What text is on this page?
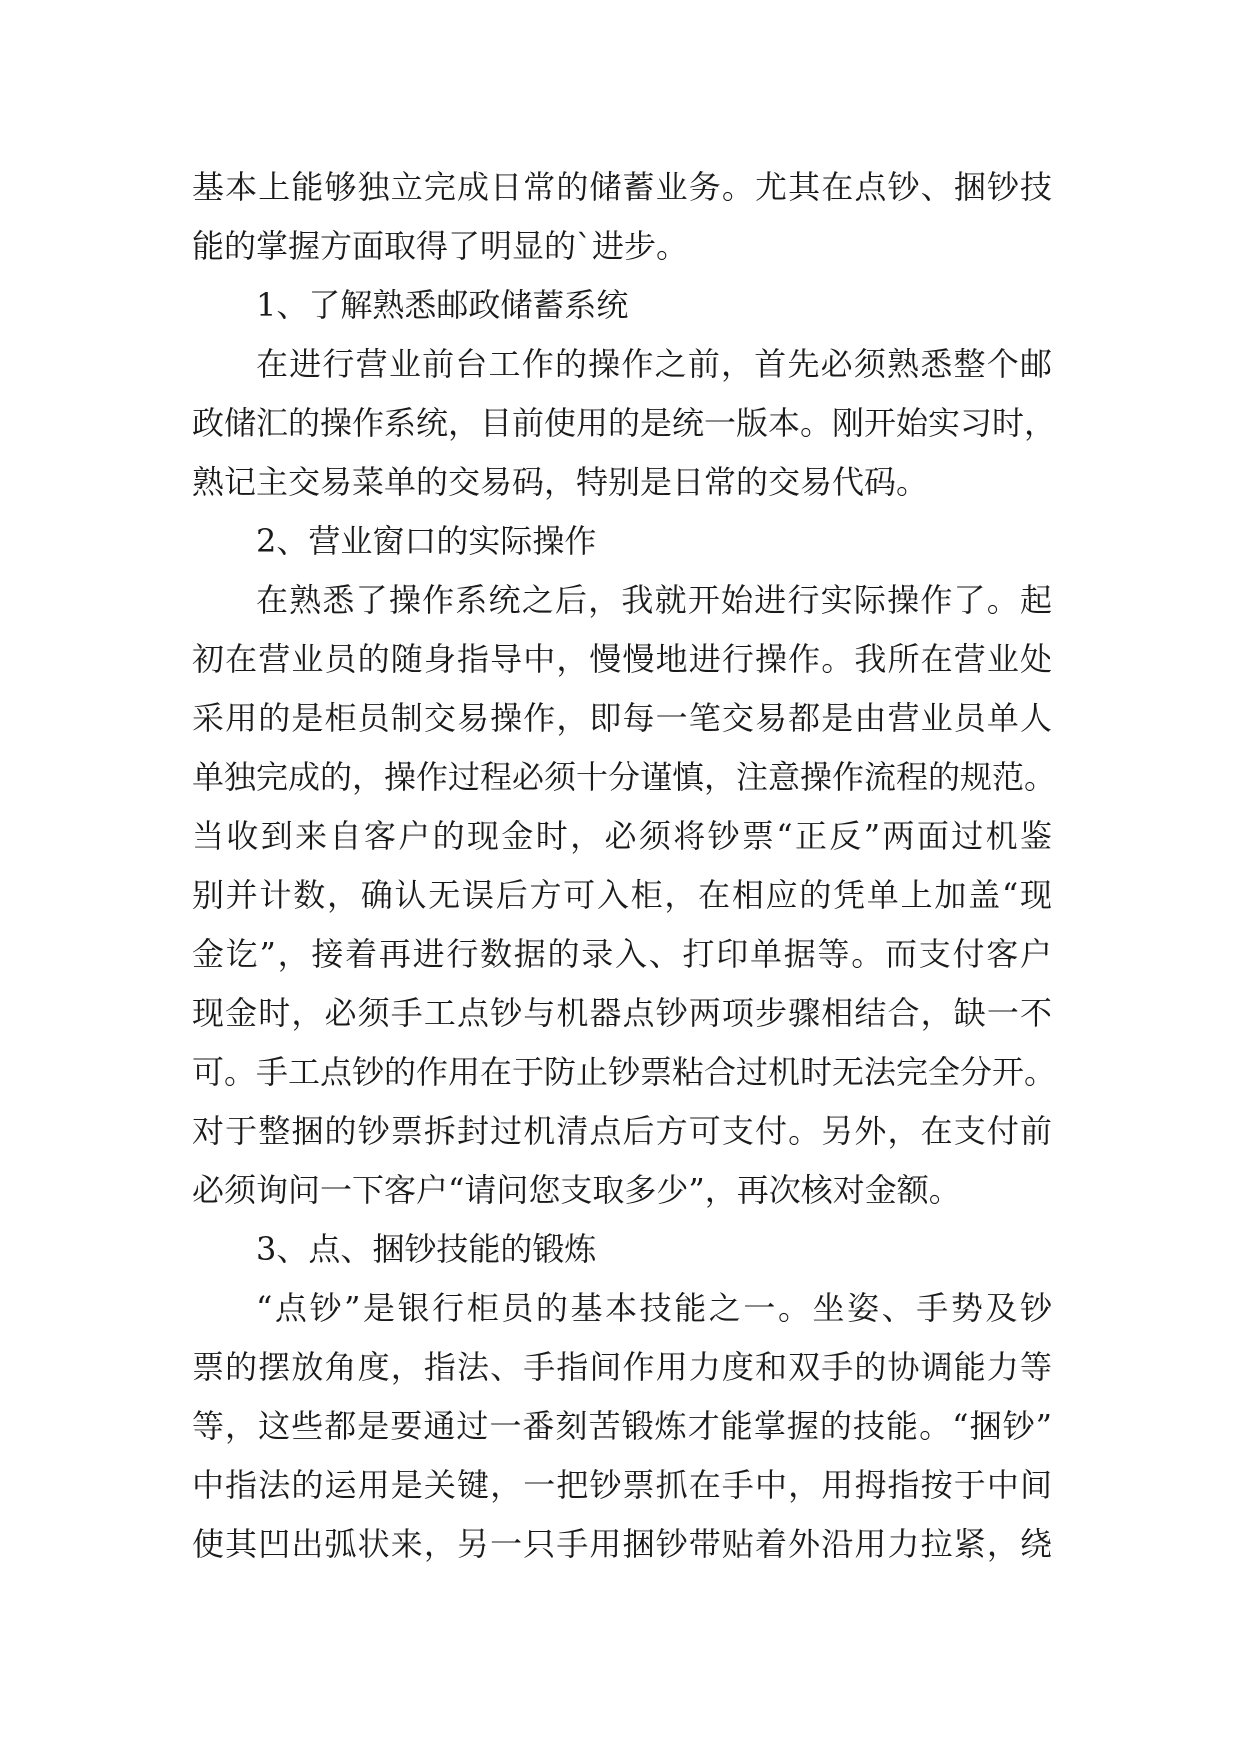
基本上能够独立完成日常的储蓄业务。尤其在点钞、捆钞技
能的掌握方面取得了明显的`进步。
1、了解熟悉邮政储蓄系统
在进行营业前台工作的操作之前，首先必须熟悉整个邮
政储汇的操作系统，目前使用的是统一版本。刚开始实习时，
熟记主交易菜单的交易码，特别是日常的交易代码。
2、营业窗口的实际操作
在熟悉了操作系统之后，我就开始进行实际操作了。起
初在营业员的随身指导中，慢慢地进行操作。我所在营业处
采用的是柜员制交易操作，即每一笔交易都是由营业员单人
单独完成的，操作过程必须十分谨慎，注意操作流程的规范。
当收到来自客户的现金时，必须将钞票“正反”两面过机鉴
别并计数，确认无误后方可入柜，在相应的凭单上加盖“现
金讫”，接着再进行数据的录入、打印单据等。而支付客户
现金时，必须手工点钞与机器点钞两项步骤相结合，缺一不
可。手工点钞的作用在于防止钞票粘合过机时无法完全分开。
对于整捆的钞票拆封过机清点后方可支付。另外，在支付前
必须询问一下客户“请问您支取多少”，再次核对金额。
3、点、捆钞技能的锻炼
“点钞”是银行柜员的基本技能之一。坐姿、手势及钞
票的摆放角度，指法、手指间作用力度和双手的协调能力等
等，这些都是要通过一番刻苦锻炼才能掌握的技能。“捆钞”
中指法的运用是关键，一把钞票抓在手中，用拇指按于中间
使其凹出弧状来，另一只手用捆钞带贴着外沿用力拉紧，绕
